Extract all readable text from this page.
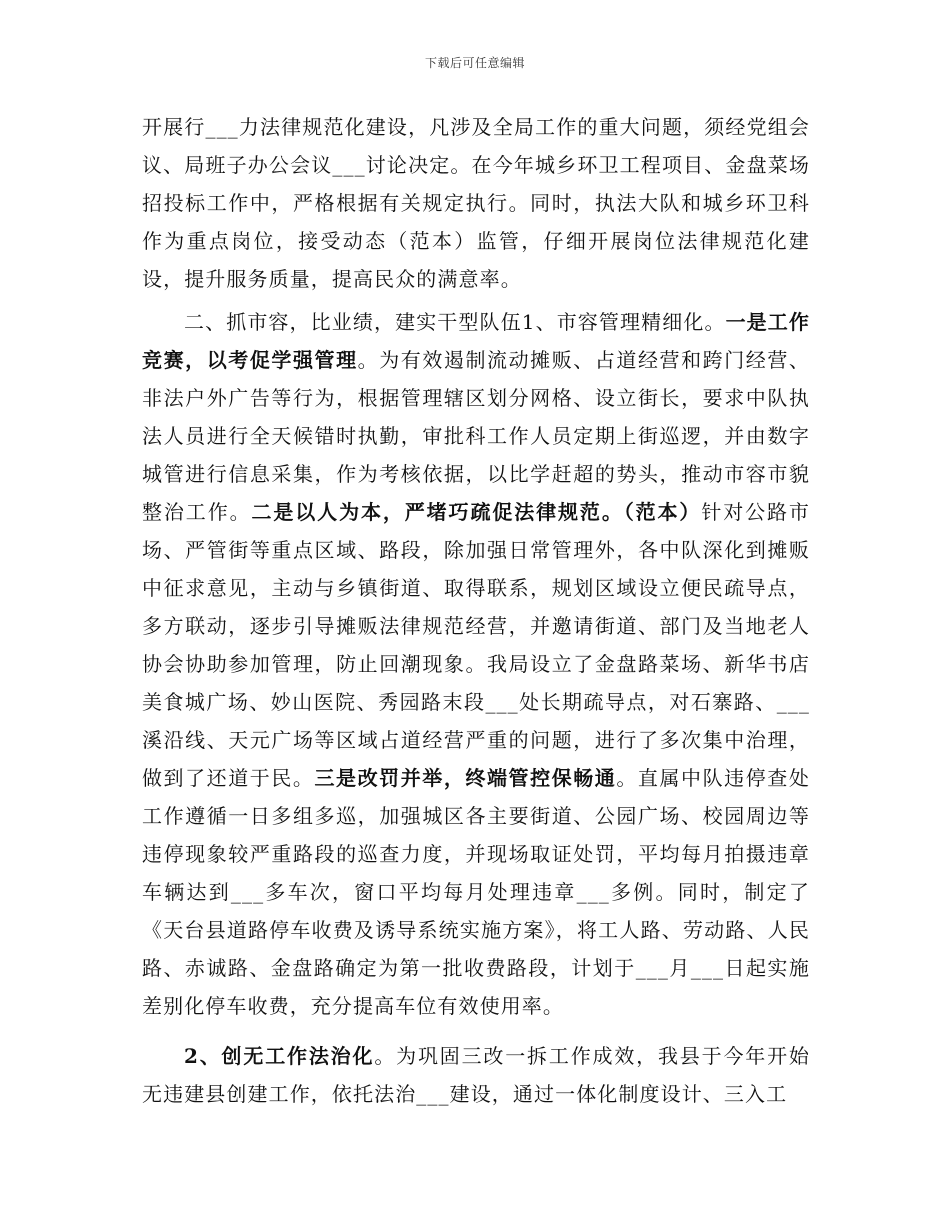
下载后可任意编辑

开展行___力法律规范化建设，凡涉及全局工作的重大问题，须经党组会议、局班子办公会议___讨论决定。在今年城乡环卫工程项目、金盘菜场招投标工作中，严格根据有关规定执行。同时，执法大队和城乡环卫科作为重点岗位，接受动态（范本）监管，仔细开展岗位法律规范化建设，提升服务质量，提高民众的满意率。

二、抓市容，比业绩，建实干型队伍1、市容管理精细化。一是工作竞赛，以考促学强管理。为有效遏制流动摊贩、占道经营和跨门经营、非法户外广告等行为，根据管理辖区划分网格、设立街长，要求中队执法人员进行全天候错时执勤，审批科工作人员定期上街巡逻，并由数字城管进行信息采集，作为考核依据，以比学赶超的势头，推动市容市貌整治工作。二是以人为本，严堵巧疏促法律规范。（范本）针对公路市场、严管街等重点区域、路段，除加强日常管理外，各中队深化到摊贩中征求意见，主动与乡镇街道、取得联系，规划区域设立便民疏导点，多方联动，逐步引导摊贩法律规范经营，并邀请街道、部门及当地老人协会协助参加管理，防止回潮现象。我局设立了金盘路菜场、新华书店美食城广场、妙山医院、秀园路末段___处长期疏导点，对石寨路、___溪沿线、天元广场等区域占道经营严重的问题，进行了多次集中治理，做到了还道于民。三是改罚并举，终端管控保畅通。直属中队违停查处工作遵循一日多组多巡，加强城区各主要街道、公园广场、校园周边等违停现象较严重路段的巡查力度，并现场取证处罚，平均每月拍摄违章车辆达到___多车次，窗口平均每月处理违章___多例。同时，制定了《天台县道路停车收费及诱导系统实施方案》，将工人路、劳动路、人民路、赤诚路、金盘路确定为第一批收费路段，计划于___月___日起实施差别化停车收费，充分提高车位有效使用率。

2、创无工作法治化。为巩固三改一拆工作成效，我县于今年开始无违建县创建工作，依托法治___建设，通过一体化制度设计、三入工
